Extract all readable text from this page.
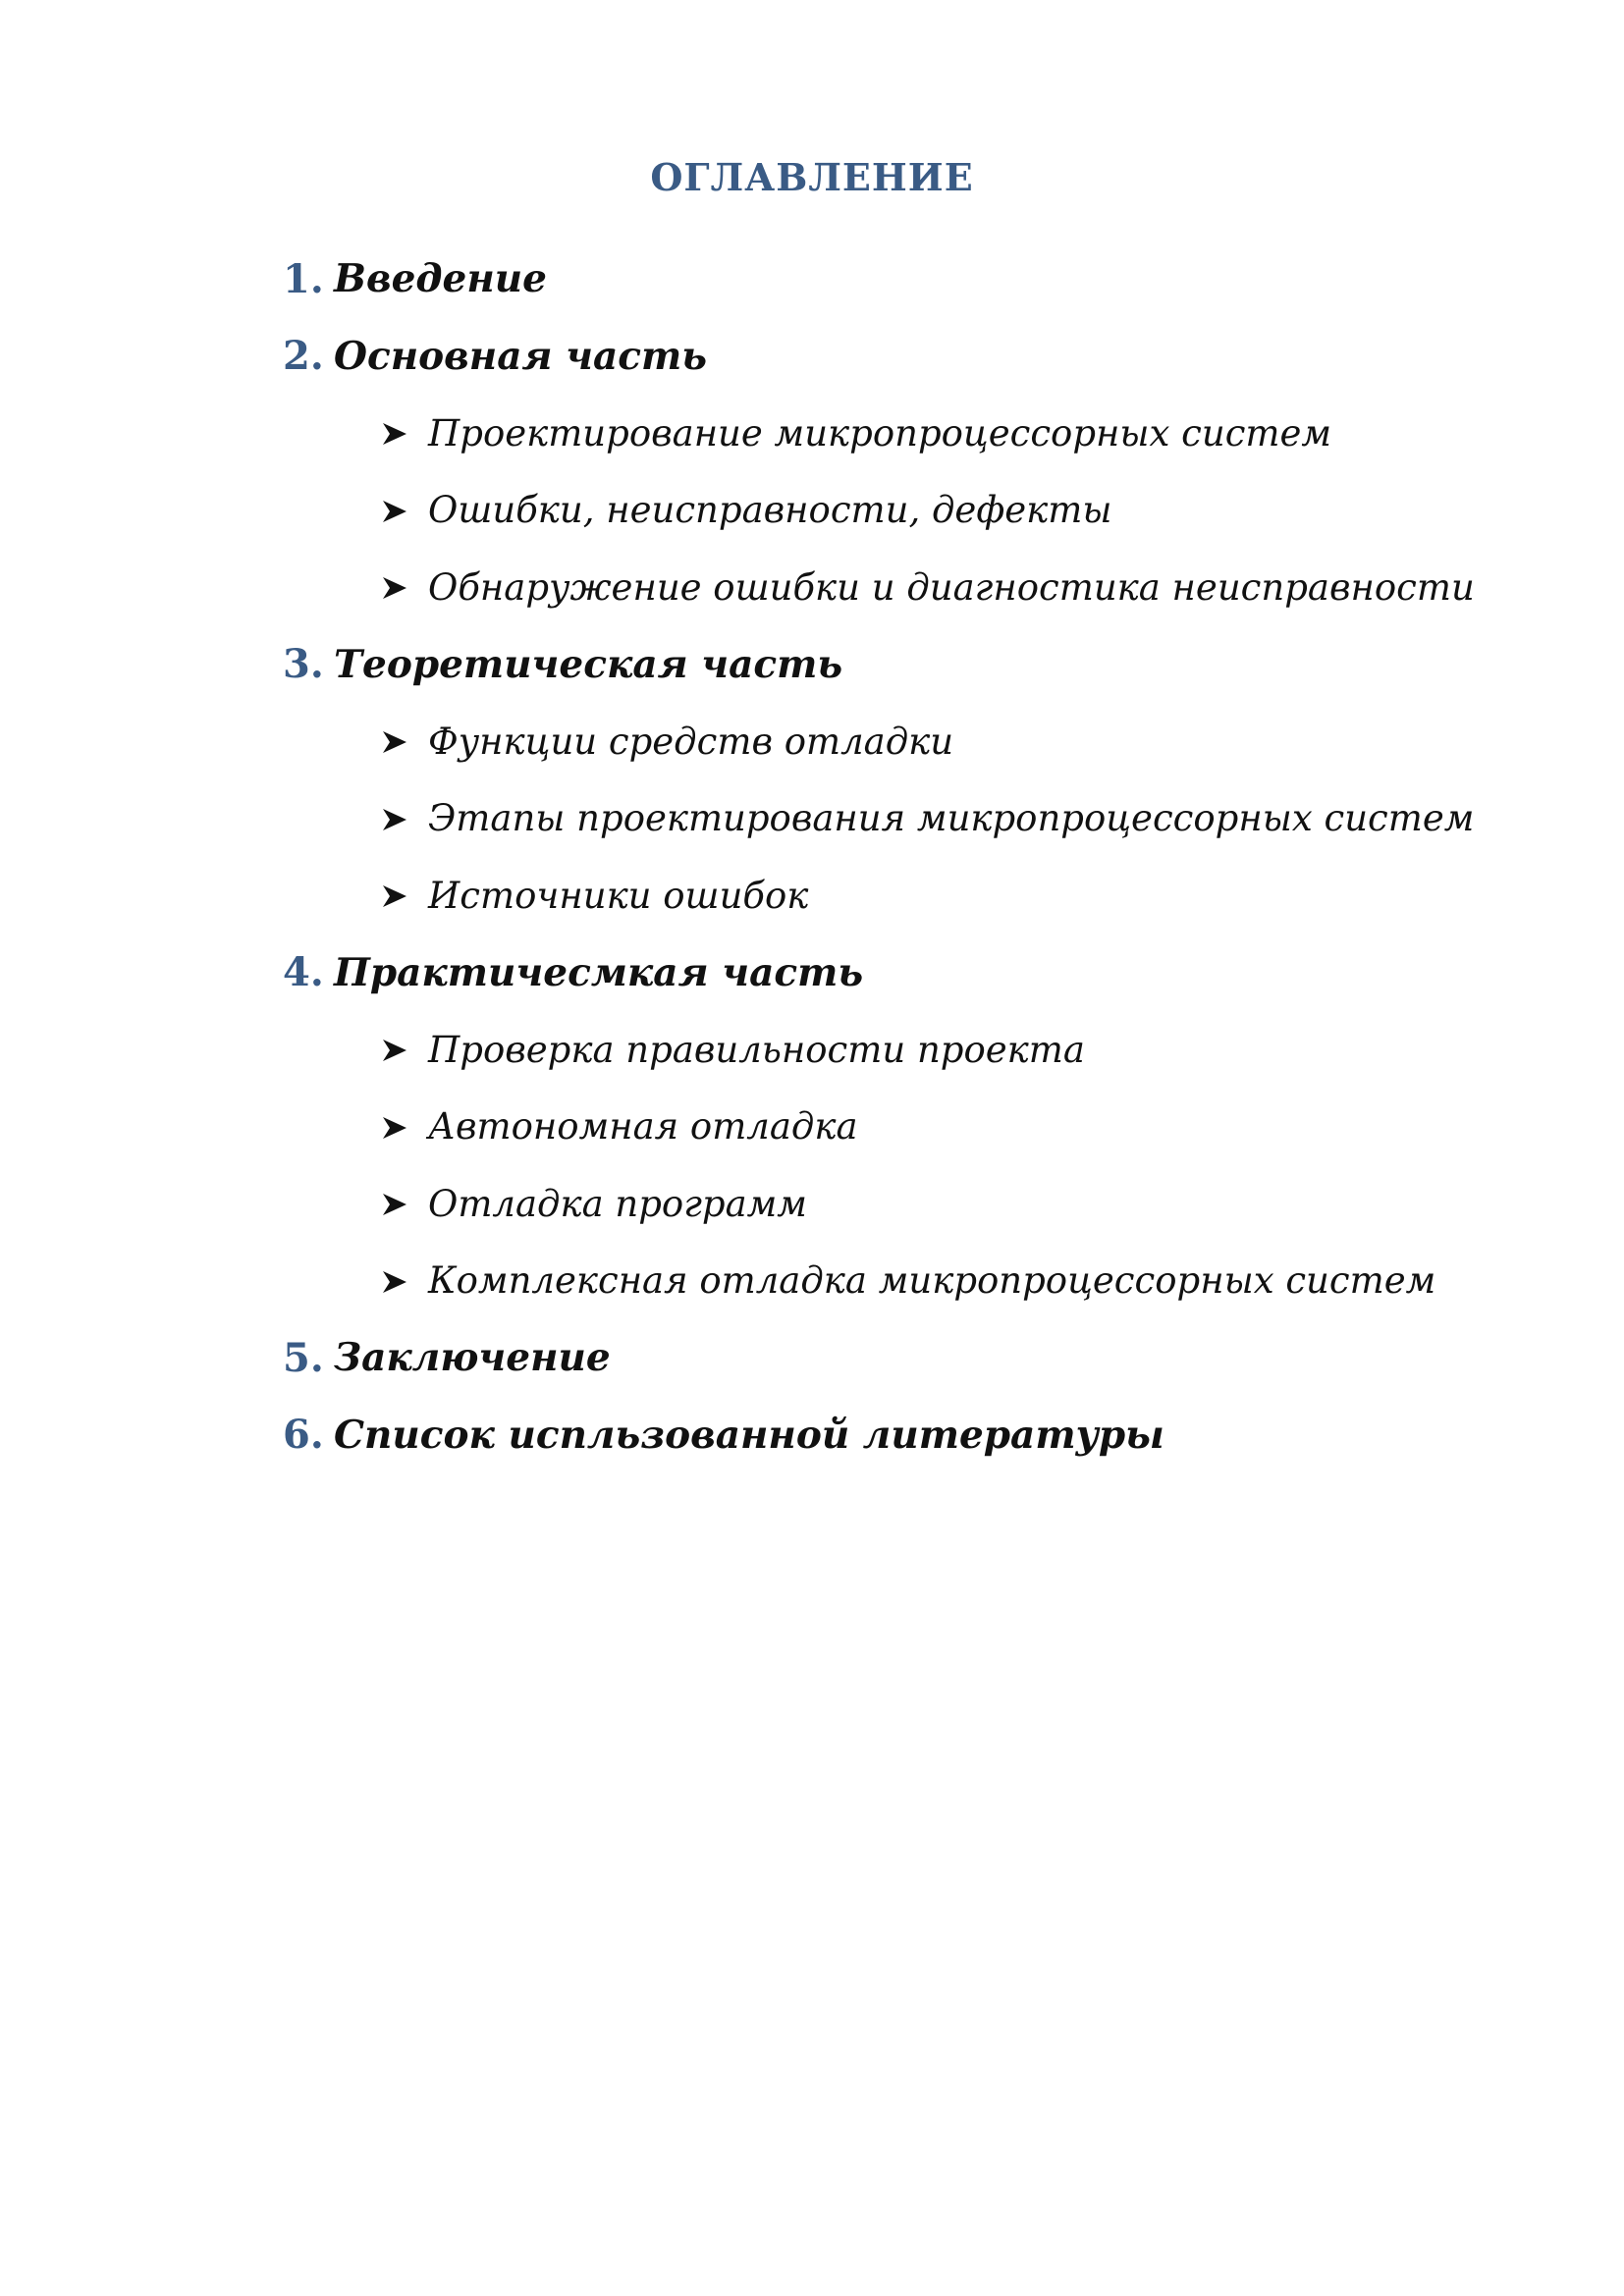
ОГЛАВЛЕНИЕ
1. Введение
2. Основная часть
Проектирование микропроцессорных систем
Ошибки, неисправности, дефекты
Обнаружение ошибки и диагностика неисправности
3. Теоретическая часть
Функции средств отладки
Этапы проектирования микропроцессорных систем
Источники ошибок
4. Практичесмкая часть
Проверка правильности проекта
Автономная отладка
Отладка программ
Комплексная отладка микропроцессорных систем
5. Заключение
6. Список испльзованной литературы
